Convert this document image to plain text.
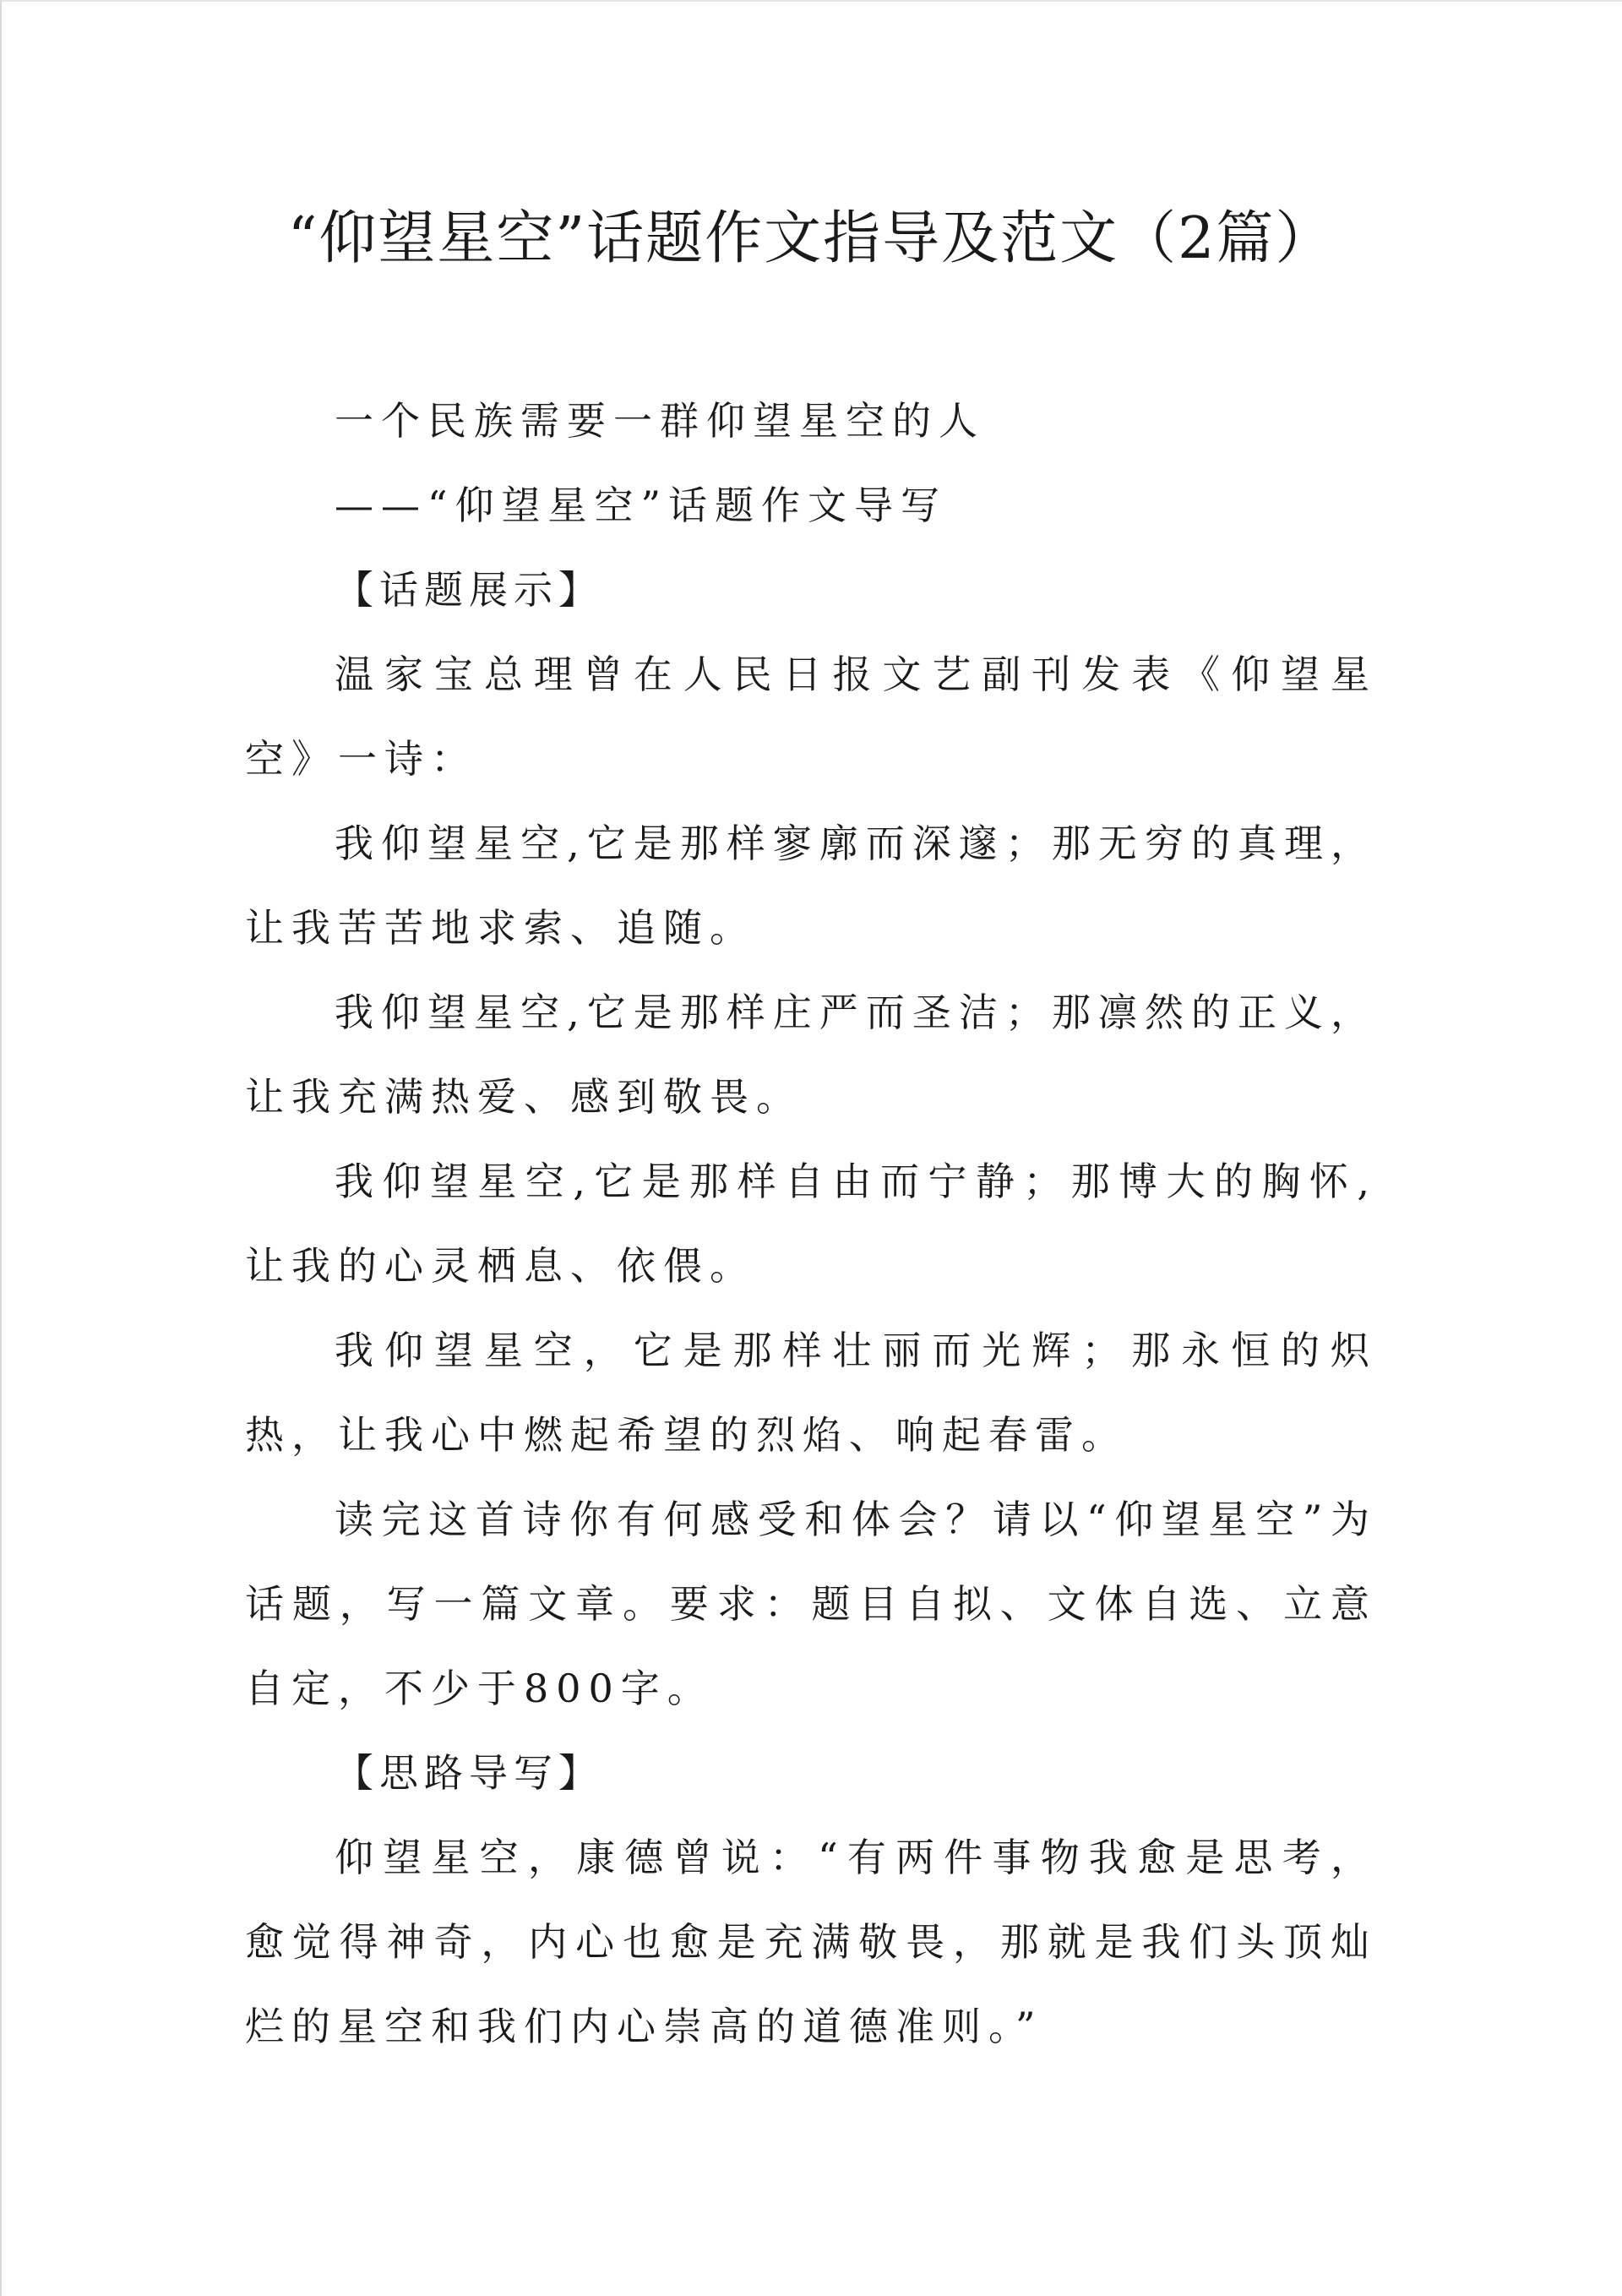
“仰望星空”话题作文指导及范文（2篇）

一个民族需要一群仰望星空的人

——“仰望星空”话题作文导写

【话题展示】

温家宝总理曾在人民日报文艺副刊发表《仰望星空》一诗：

我仰望星空,它是那样寥廓而深邃；那无穷的真理，让我苦苦地求索、追随。

我仰望星空,它是那样庄严而圣洁；那凛然的正义，让我充满热爱、感到敬畏。

我仰望星空,它是那样自由而宁静；那博大的胸怀,让我的心灵栖息、依偎。

我仰望星空，它是那样壮丽而光辉；那永恒的炽热，让我心中燃起希望的烈焰、响起春雷。

读完这首诗你有何感受和体会？请以“仰望星空”为话题，写一篇文章。要求：题目自拟、文体自选、立意自定，不少于800字。

【思路导写】

仰望星空，康德曾说：“有两件事物我愈是思考，愈觉得神奇，内心也愈是充满敬畏，那就是我们头顶灿烂的星空和我们内心崇高的道德准则。”
